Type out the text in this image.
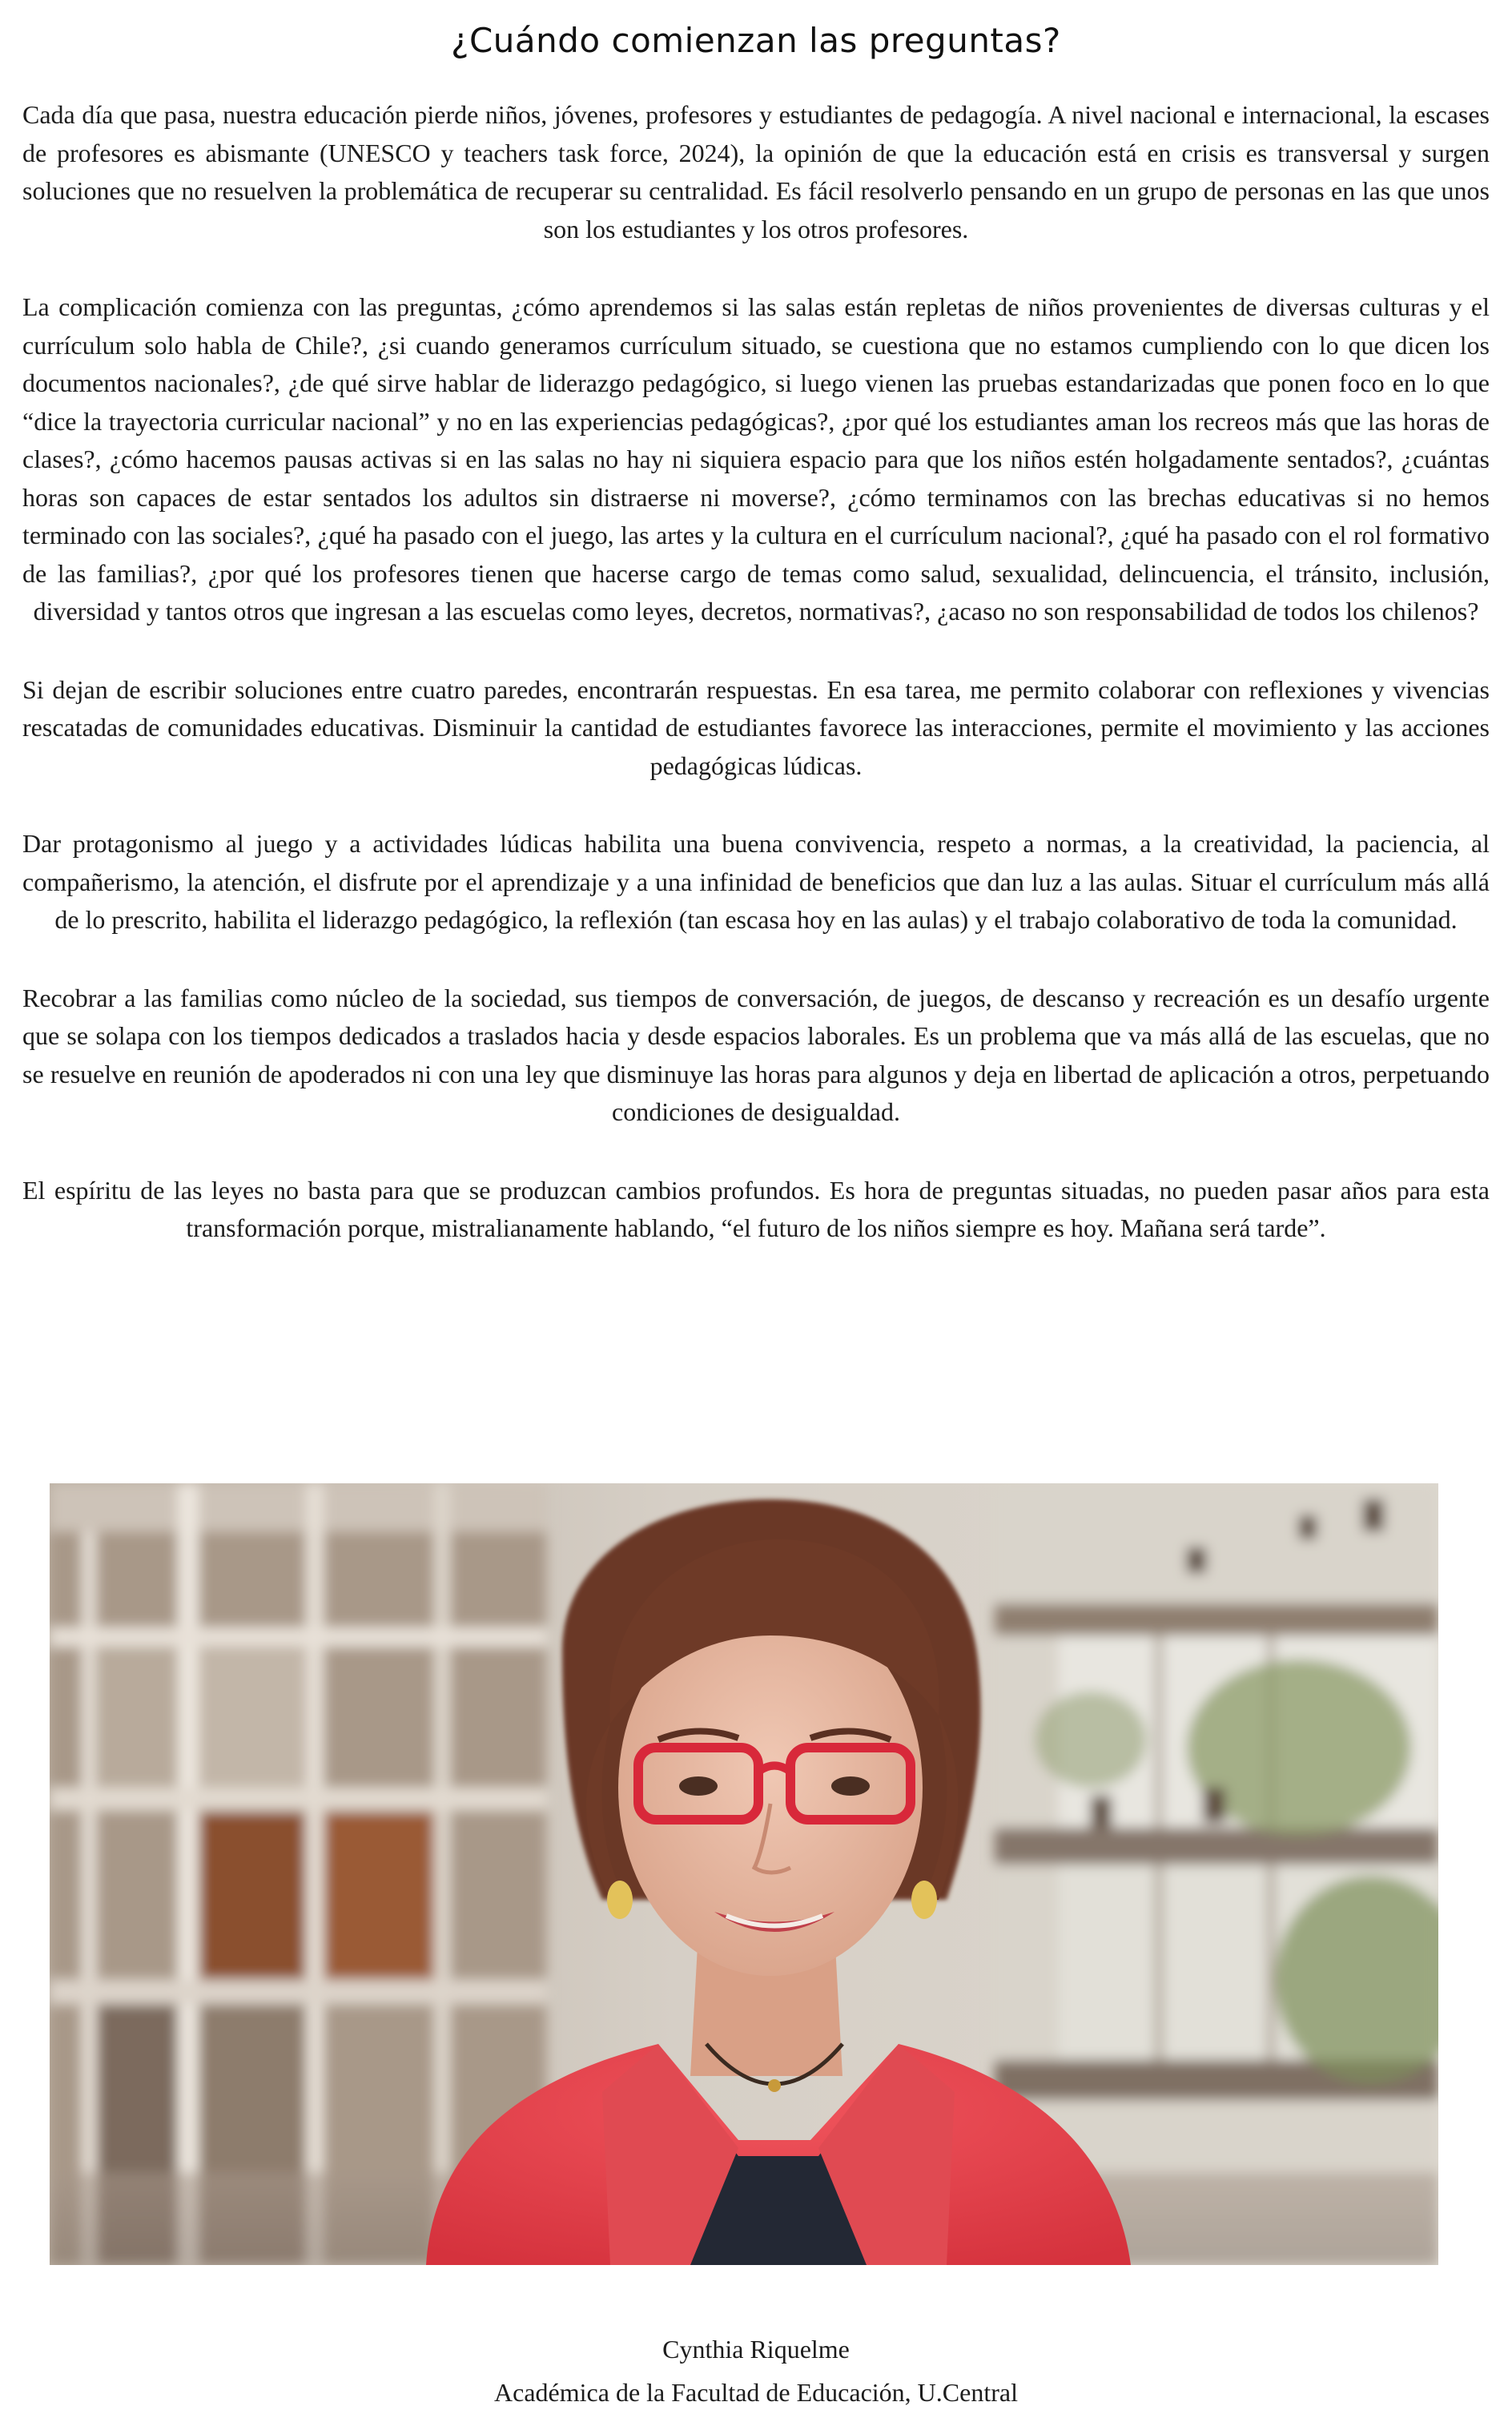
¿Cuándo comienzan las preguntas?

Cada día que pasa, nuestra educación pierde niños, jóvenes, profesores y estudiantes de pedagogía. A nivel nacional e internacional, la escases de profesores es abismante (UNESCO y teachers task force, 2024), la opinión de que la educación está en crisis es transversal y surgen soluciones que no resuelven la problemática de recuperar su centralidad. Es fácil resolverlo pensando en un grupo de personas en las que unos son los estudiantes y los otros profesores.

La complicación comienza con las preguntas, ¿cómo aprendemos si las salas están repletas de niños provenientes de diversas culturas y el currículum solo habla de Chile?, ¿si cuando generamos currículum situado, se cuestiona que no estamos cumpliendo con lo que dicen los documentos nacionales?, ¿de qué sirve hablar de liderazgo pedagógico, si luego vienen las pruebas estandarizadas que ponen foco en lo que “dice la trayectoria curricular nacional” y no en las experiencias pedagógicas?, ¿por qué los estudiantes aman los recreos más que las horas de clases?, ¿cómo hacemos pausas activas si en las salas no hay ni siquiera espacio para que los niños estén holgadamente sentados?, ¿cuántas horas son capaces de estar sentados los adultos sin distraerse ni moverse?, ¿cómo terminamos con las brechas educativas si no hemos terminado con las sociales?, ¿qué ha pasado con el juego, las artes y la cultura en el currículum nacional?, ¿qué ha pasado con el rol formativo de las familias?, ¿por qué los profesores tienen que hacerse cargo de temas como salud, sexualidad, delincuencia, el tránsito, inclusión, diversidad y tantos otros que ingresan a las escuelas como leyes, decretos, normativas?, ¿acaso no son responsabilidad de todos los chilenos?

Si dejan de escribir soluciones entre cuatro paredes, encontrarán respuestas. En esa tarea, me permito colaborar con reflexiones y vivencias rescatadas de comunidades educativas. Disminuir la cantidad de estudiantes favorece las interacciones, permite el movimiento y las acciones pedagógicas lúdicas.

Dar protagonismo al juego y a actividades lúdicas habilita una buena convivencia, respeto a normas, a la creatividad, la paciencia, al compañerismo, la atención, el disfrute por el aprendizaje y a una infinidad de beneficios que dan luz a las aulas. Situar el currículum más allá de lo prescrito, habilita el liderazgo pedagógico, la reflexión (tan escasa hoy en las aulas) y el trabajo colaborativo de toda la comunidad.

Recobrar a las familias como núcleo de la sociedad, sus tiempos de conversación, de juegos, de descanso y recreación es un desafío urgente que se solapa con los tiempos dedicados a traslados hacia y desde espacios laborales. Es un problema que va más allá de las escuelas, que no se resuelve en reunión de apoderados ni con una ley que disminuye las horas para algunos y deja en libertad de aplicación a otros, perpetuando condiciones de desigualdad.

El espíritu de las leyes no basta para que se produzcan cambios profundos. Es hora de preguntas situadas, no pueden pasar años para esta transformación porque, mistralianamente hablando, “el futuro de los niños siempre es hoy. Mañana será tarde”.

Cynthia Riquelme
Académica de la Facultad de Educación, U.Central
